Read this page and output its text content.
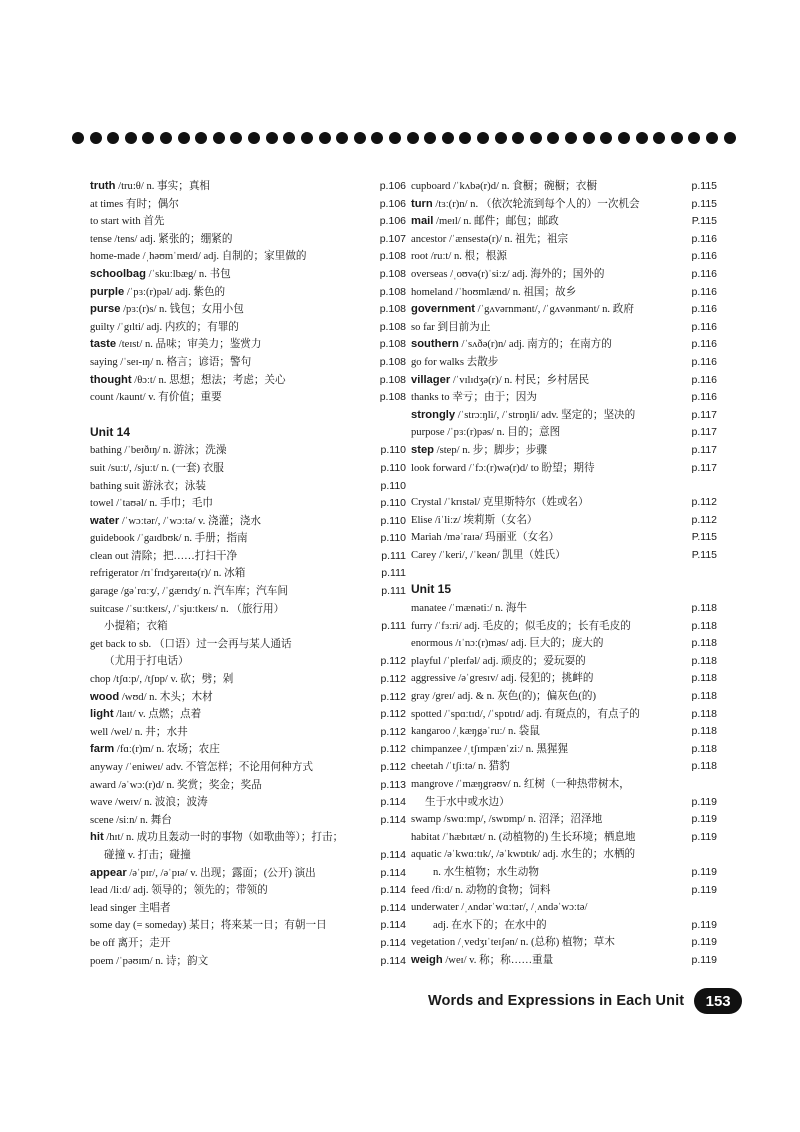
truth /tru:θ/ n. 事实；真相	p.106
at times 有时；偶尔	p.106
to start with 首先	p.106
tense /tens/ adj. 紧张的；绷紧的	p.107
home-made /ˌhəʊmˈmeɪd/ adj. 自制的；家里做的	p.108
schoolbag /ˈskuːlbæg/ n. 书包	p.108
purple /ˈpɜː(r)pəl/ adj. 紫色的	p.108
purse /pɜː(r)s/ n. 钱包；女用小包	p.108
guilty /ˈgɪlti/ adj. 内疚的；有罪的	p.108
taste /teɪst/ n. 品味；审美力；鉴赏力	p.108
saying /ˈseɪ-ɪŋ/ n. 格言；谚语；警句	p.108
thought /θɔːt/ n. 思想；想法；考虑；关心	p.108
count /kaunt/ v. 有价值；重要	p.108
Unit 14
bathing /ˈbeɪðɪŋ/ n. 游泳；洗澡	p.110
suit /suːt/, /sjuːt/ n. (一套) 衣服	p.110
bathing suit 游泳衣；泳装	p.110
towel /ˈtaʊəl/ n. 手巾；毛巾	p.110
water /ˈwɔːtər/, /ˈwɔːtə/ v. 浇灌；浇水	p.110
guidebook /ˈgaɪdbʊk/ n. 手册；指南	p.110
clean out 清除；把……打扫干净	p.111
refrigerator /rɪˈfrɪdʒəreɪtə(r)/ n. 冰箱	p.111
garage /gəˈrɑːʒ/, /ˈgærɪdʒ/ n. 汽车库；汽车间	p.111
suitcase /ˈsuːtkeɪs/, /ˈsjuːtkeɪs/ n. （旅行用）
小提箱；衣箱	p.111
get back to sb. （口语）过一会再与某人通话
（尤用于打电话）	p.112
chop /tʃɑːp/, /tʃɒp/ v. 砍；劈；剁	p.112
wood /wʊd/ n. 木头；木材	p.112
light /laɪt/ v. 点燃；点着	p.112
well /wel/ n. 井；水井	p.112
farm /fɑː(r)m/ n. 农场；农庄	p.112
anyway /ˈeniweɪ/ adv. 不管怎样；不论用何种方式	p.112
award /əˈwɔː(r)d/ n. 奖赏；奖金；奖品	p.113
wave /weɪv/ n. 波浪；波涛	p.114
scene /siːn/ n. 舞台	p.114
hit /hɪt/ n. 成功且轰动一时的事物（如歌曲等）；打击；
碰撞 v. 打击；碰撞	p.114
appear /əˈpɪr/, /əˈpɪə/ v. 出现；露面；(公开) 演出	p.114
lead /liːd/ adj. 领导的；领先的；带领的	p.114
lead singer 主唱者	p.114
some day (= someday) 某日；将来某一日；有朝一日	p.114
be off 离开；走开	p.114
poem /ˈpəʊɪm/ n. 诗；韵文	p.114
cupboard /ˈkʌbə(r)d/ n. 食橱；碗橱；衣橱	p.115
turn /tɜː(r)n/ n. （依次轮流到每个人的）一次机会	p.115
mail /meɪl/ n. 邮件；邮包；邮政	P.115
ancestor /ˈænsestə(r)/ n. 祖先；祖宗	p.116
root /ruːt/ n. 根；根源	p.116
overseas /ˌoʊvə(r)ˈsiːz/ adj. 海外的；国外的	p.116
homeland /ˈhoʊmlænd/ n. 祖国；故乡	p.116
government /ˈgʌvərnmənt/, /ˈgʌvənmənt/ n. 政府	p.116
so far 到目前为止	p.116
southern /ˈsʌðə(r)n/ adj. 南方的；在南方的	p.116
go for walks 去散步	p.116
villager /ˈvɪlɪdʒə(r)/ n. 村民；乡村居民	p.116
thanks to 幸亏；由于；因为	p.116
strongly /ˈstrɔːŋli/, /ˈstrɒŋli/ adv. 坚定的；坚决的	p.117
purpose /ˈpɜː(r)pəs/ n. 目的；意图	p.117
step /step/ n. 步；脚步；步骤	p.117
look forward /ˈfɔː(r)wə(r)d/ to 盼望；期待	p.117
Crystal /ˈkrɪstəl/ 克里斯特尔（姓或名）	p.112
Elise /iˈliːz/ 埃莉斯（女名）	p.112
Mariah /məˈraɪə/ 玛丽亚（女名）	P.115
Carey /ˈkeri/, /ˈkeən/ 凯里（姓氏）	P.115
Unit 15
manatee /ˈmænətiː/ n. 海牛	p.118
furry /ˈfɜːri/ adj. 毛皮的；似毛皮的；长有毛皮的	p.118
enormous /ɪˈnɔː(r)məs/ adj. 巨大的；庞大的	p.118
playful /ˈpleɪfəl/ adj. 顽皮的；爱玩耍的	p.118
aggressive /əˈgresɪv/ adj. 侵犯的；挑衅的	p.118
gray /greɪ/ adj. & n. 灰色(的)；偏灰色(的)	p.118
spotted /ˈspɑːtɪd/, /ˈspɒtɪd/ adj. 有斑点的，有点子的	p.118
kangaroo /ˌkæŋgəˈruː/ n. 袋鼠	p.118
chimpanzee /ˌtʃɪmpænˈziː/ n. 黑猩猩	p.118
cheetah /ˈtʃiːtə/ n. 猎豹	p.118
mangrove /ˈmæŋgrəʊv/ n. 红树（一种热带树木，
生于水中或水边）	p.119
swamp /swɑːmp/, /swɒmp/ n. 沼泽；沼泽地	p.119
habitat /ˈhæbɪtæt/ n. (动植物的) 生长环境；栖息地	p.119
aquatic /əˈkwɑːtɪk/, /əˈkwɒtɪk/ adj. 水生的；水栖的
n. 水生植物；水生动物	p.119
feed /fiːd/ n. 动物的食物；饲料	p.119
underwater /ˌʌndərˈwɑːtər/, /ˌʌndəˈwɔːtə/
adj. 在水下的；在水中的	p.119
vegetation /ˌvedʒɪˈteɪʃən/ n. (总称) 植物；草木	p.119
weigh /weɪ/ v. 称；称……重量	p.119
Words and Expressions in Each Unit	153
